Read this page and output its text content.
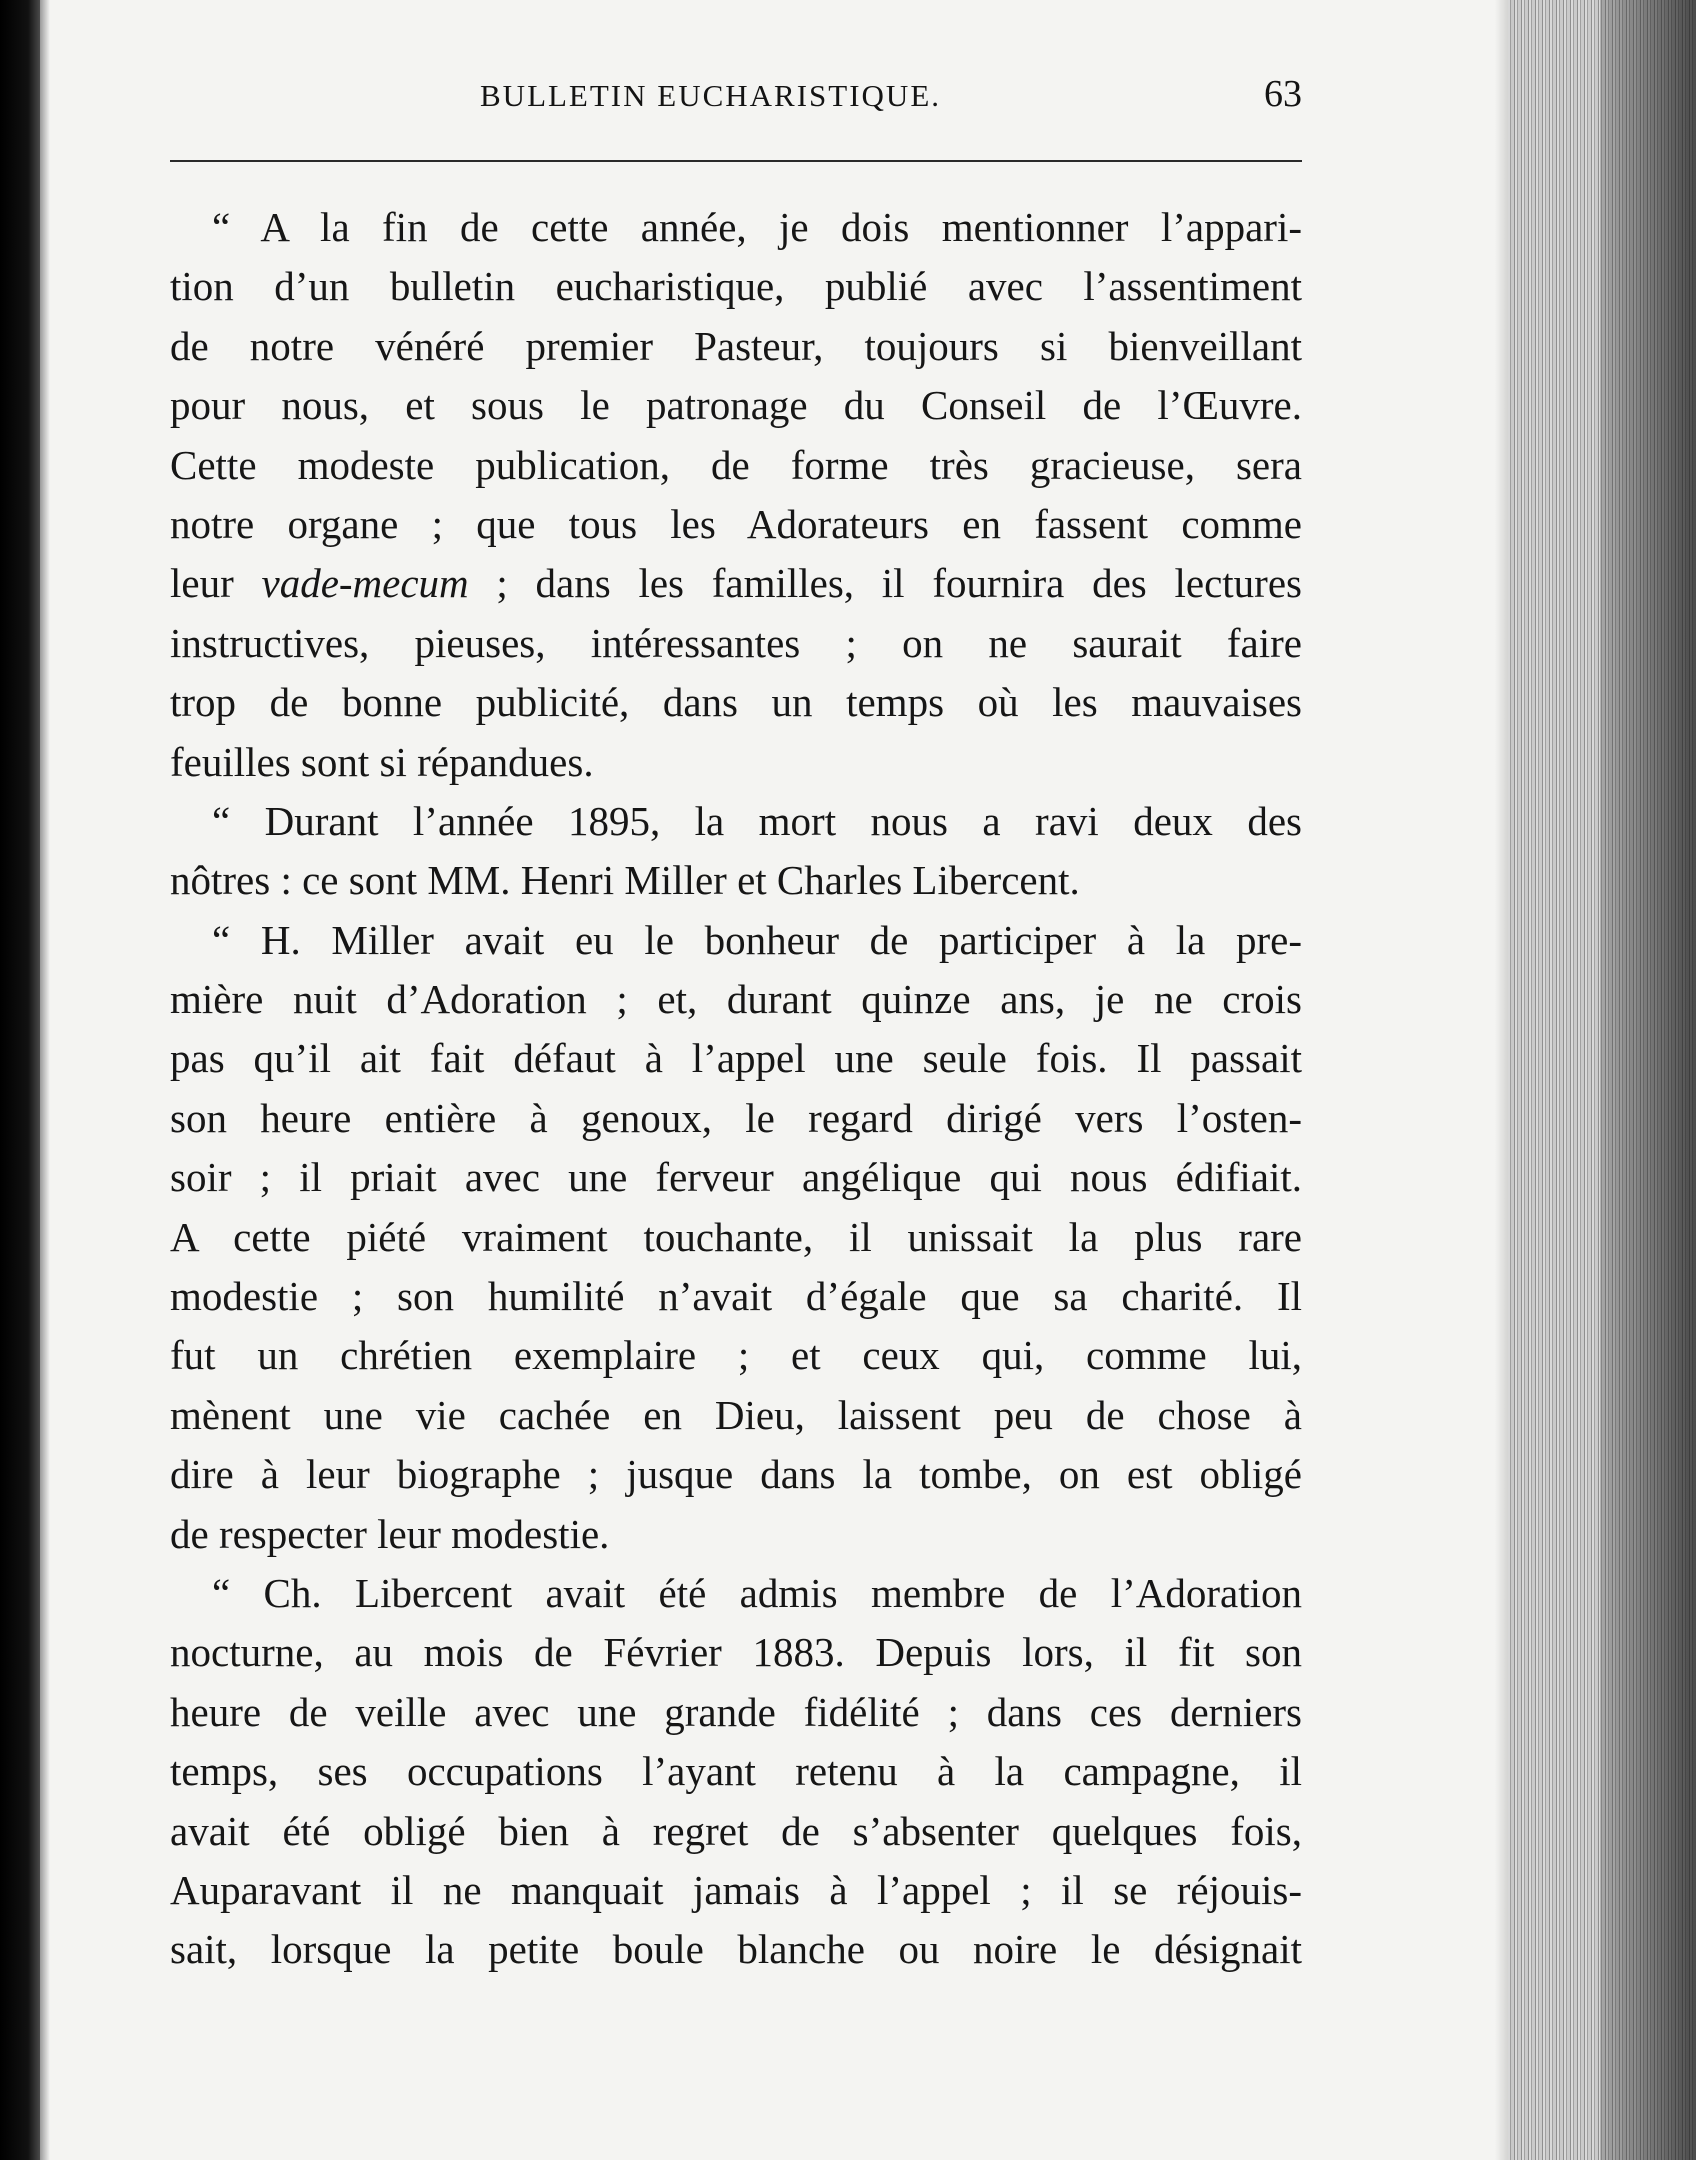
BULLETIN EUCHARISTIQUE.	63
“ A la fin de cette année, je dois mentionner l’appari-
tion d’un bulletin eucharistique, publié avec l’assentiment
de notre vénéré premier Pasteur, toujours si bienveillant
pour nous, et sous le patronage du Conseil de l’Œuvre.
Cette modeste publication, de forme très gracieuse, sera
notre organe ; que tous les Adorateurs en fassent comme
leur vade-mecum ; dans les familles, il fournira des lectures
instructives, pieuses, intéressantes ; on ne saurait faire
trop de bonne publicité, dans un temps où les mauvaises
feuilles sont si répandues.
“ Durant l’année 1895, la mort nous a ravi deux des
nôtres : ce sont MM. Henri Miller et Charles Libercent.
“ H. Miller avait eu le bonheur de participer à la pre-
mière nuit d’Adoration ; et, durant quinze ans, je ne crois
pas qu’il ait fait défaut à l’appel une seule fois. Il passait
son heure entière à genoux, le regard dirigé vers l’osten-
soir ; il priait avec une ferveur angélique qui nous édifiait.
A cette piété vraiment touchante, il unissait la plus rare
modestie ; son humilité n’avait d’égale que sa charité. Il
fut un chrétien exemplaire ; et ceux qui, comme lui,
mènent une vie cachée en Dieu, laissent peu de chose à
dire à leur biographe ; jusque dans la tombe, on est obligé
de respecter leur modestie.
“ Ch. Libercent avait été admis membre de l’Adoration
nocturne, au mois de Février 1883. Depuis lors, il fit son
heure de veille avec une grande fidélité ; dans ces derniers
temps, ses occupations l’ayant retenu à la campagne, il
avait été obligé bien à regret de s’absenter quelques fois,
Auparavant il ne manquait jamais à l’appel ; il se réjouis-
sait, lorsque la petite boule blanche ou noire le désignait
